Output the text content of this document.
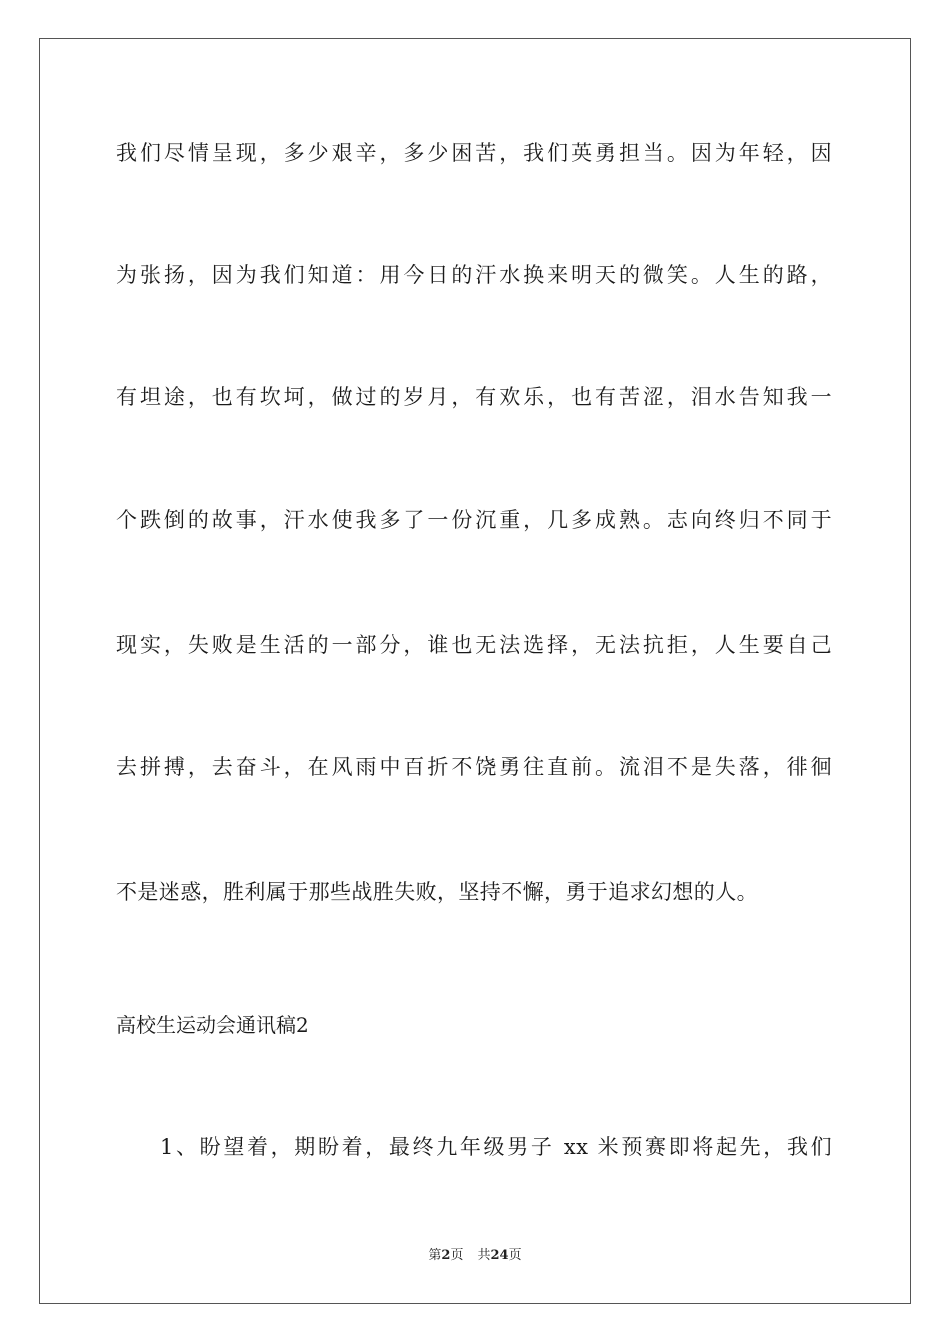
我们尽情呈现，多少艰辛，多少困苦，我们英勇担当。因为年轻，因
为张扬，因为我们知道：用今日的汗水换来明天的微笑。人生的路，
有坦途，也有坎坷，做过的岁月，有欢乐，也有苦涩，泪水告知我一
个跌倒的故事，汗水使我多了一份沉重，几多成熟。志向终归不同于
现实，失败是生活的一部分，谁也无法选择，无法抗拒，人生要自己
去拼搏，去奋斗，在风雨中百折不饶勇往直前。流泪不是失落，徘徊
不是迷惑，胜利属于那些战胜失败，坚持不懈，勇于追求幻想的人。
高校生运动会通讯稿2
1、盼望着，期盼着，最终九年级男子 xx 米预赛即将起先，我们
第2页 共24页
